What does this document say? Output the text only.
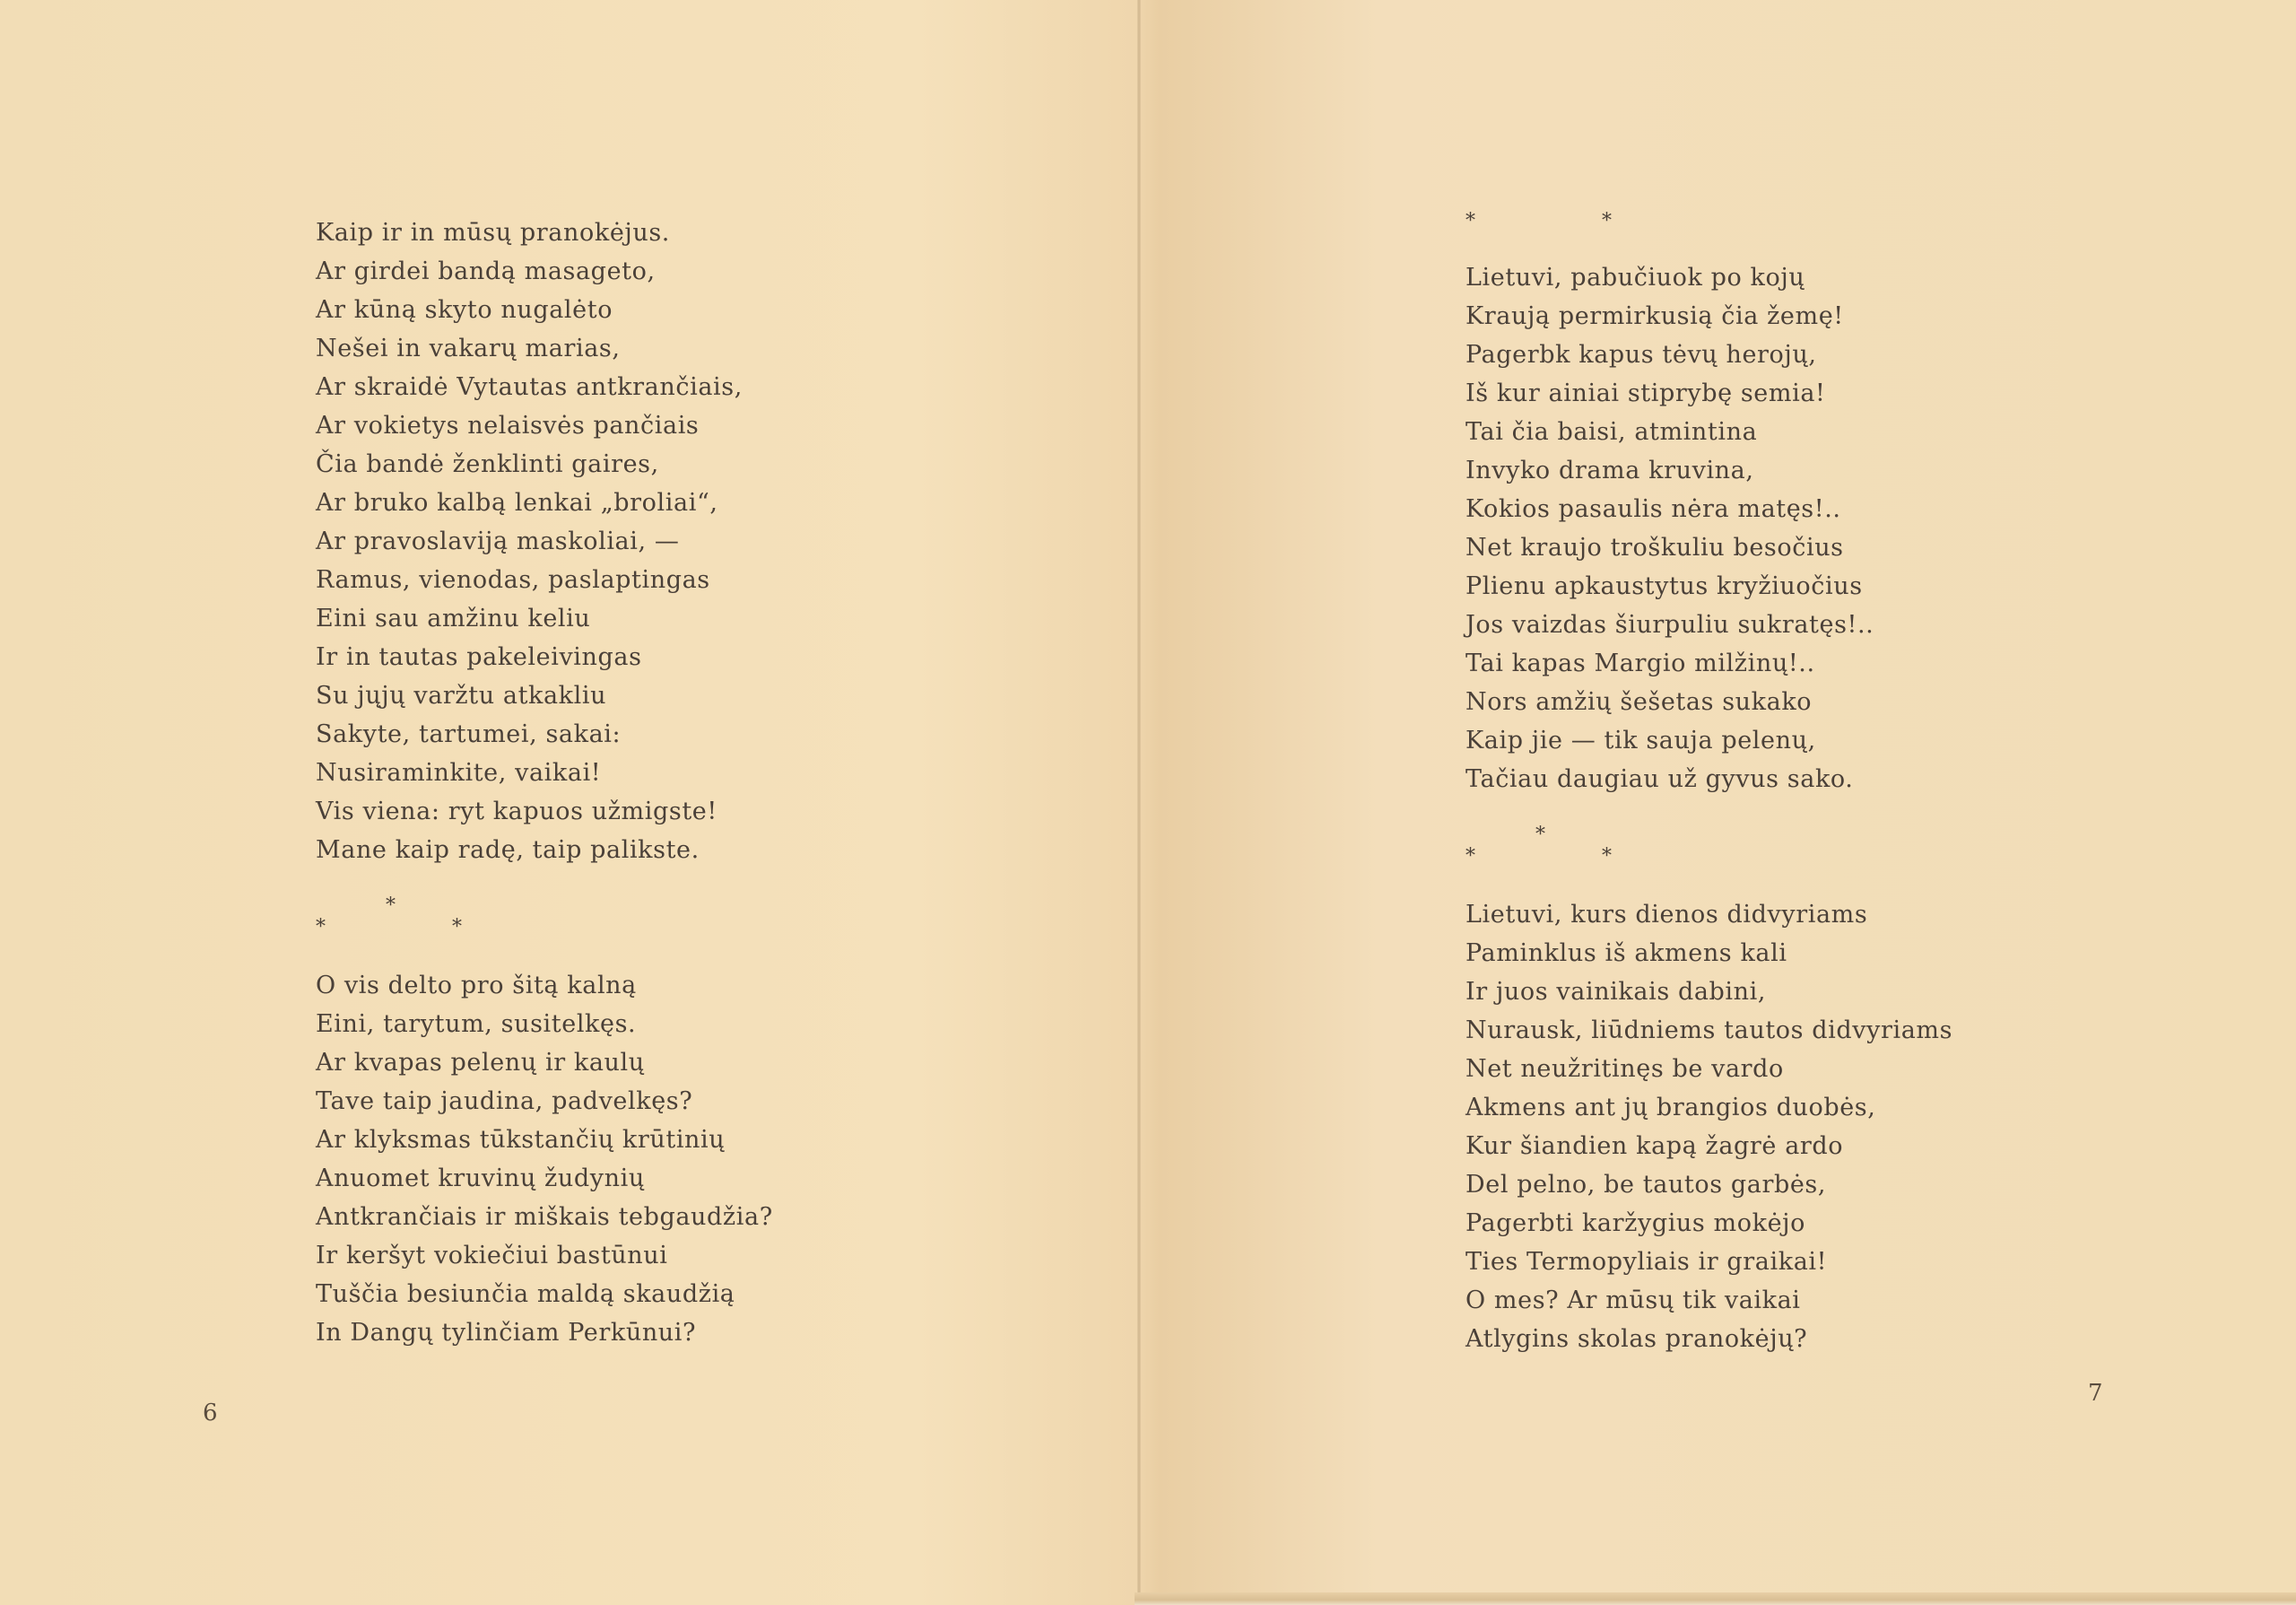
Kaip ir in mūsų pranokėjus.
Ar girdei bandą masageto,
Ar kūną skyto nugalėto
Nešei in vakarų marias,
Ar skraidė Vytautas antkrančiais,
Ar vokietys nelaisvės pančiais
Čia bandė ženklinti gaires,
Ar bruko kalbą lenkai „broliai“,
Ar pravoslaviją maskoliai, —
Ramus, vienodas, paslaptingas
Eini sau amžinu keliu
Ir in tautas pakeleivingas
Su jųjų varžtu atkakliu
Sakyte, tartumei, sakai:
Nusiraminkite, vaikai!
Vis viena: ryt kapuos užmigste!
Mane kaip radę, taip palikste.
*
*	*
O vis delto pro šitą kalną
Eini, tarytum, susitelkęs.
Ar kvapas pelenų ir kaulų
Tave taip jaudina, padvelkęs?
Ar klyksmas tūkstančių krūtinių
Anuomet kruvinų žudynių
Antkrančiais ir miškais tebgaudžia?
Ir keršyt vokiečiui bastūnui
Tuščia besiunčia maldą skaudžią
In Dangų tylinčiam Perkūnui?
6
*	*
Lietuvi, pabučiuok po kojų
Kraują permirkusią čia žemę!
Pagerbk kapus tėvų herojų,
Iš kur ainiai stiprybę semia!
Tai čia baisi, atmintina
Invyko drama kruvina,
Kokios pasaulis nėra matęs!..
Net kraujo troškuliu besočius
Plienu apkaustytus kryžiuočius
Jos vaizdas šiurpuliu sukratęs!..
Tai kapas Margio milžinų!..
Nors amžių šešetas sukako
Kaip jie — tik sauja pelenų,
Tačiau daugiau už gyvus sako.
*
*	*
Lietuvi, kurs dienos didvyriams
Paminklus iš akmens kali
Ir juos vainikais dabini,
Nurausk, liūdniems tautos didvyriams
Net neužritinęs be vardo
Akmens ant jų brangios duobės,
Kur šiandien kapą žagrė ardo
Del pelno, be tautos garbės,
Pagerbti karžygius mokėjo
Ties Termopyliais ir graikai!
O mes? Ar mūsų tik vaikai
Atlygins skolas pranokėjų?
7
